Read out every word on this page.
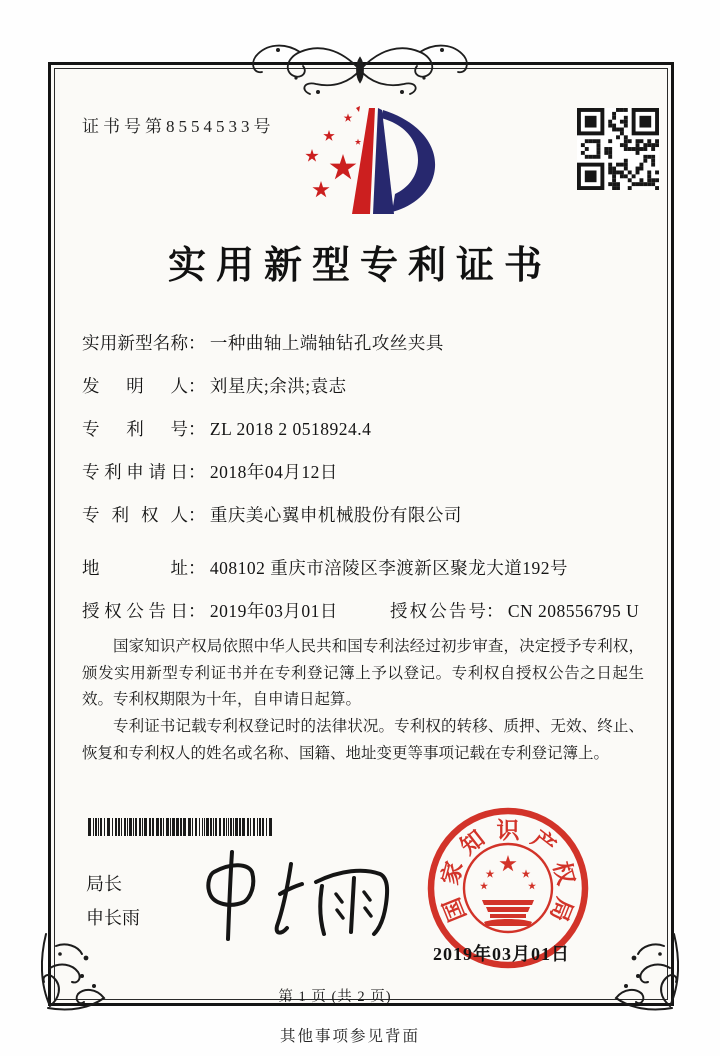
证书号第8554533号
实用新型专利证书
实用新型名称： 一种曲轴上端轴钻孔攻丝夹具
发明人： 刘星庆;余洪;袁志
专利号： ZL 2018 2 0518924.4
专利申请日： 2018年04月12日
专利权人： 重庆美心翼申机械股份有限公司
地址： 408102 重庆市涪陵区李渡新区聚龙大道192号
授权公告日： 2019年03月01日	授权公告号： CN 208556795 U

国家知识产权局依照中华人民共和国专利法经过初步审查，决定授予专利权，颁发实用新型专利证书并在专利登记簿上予以登记。专利权自授权公告之日起生效。专利权期限为十年，自申请日起算。

专利证书记载专利权登记时的法律状况。专利权的转移、质押、无效、终止、恢复和专利权人的姓名或名称、国籍、地址变更等事项记载在专利登记簿上。

局长
申长雨	国
家
知 识 产
权
局
2019年03月01日
第 1 页 (共 2 页)
其他事项参见背面
